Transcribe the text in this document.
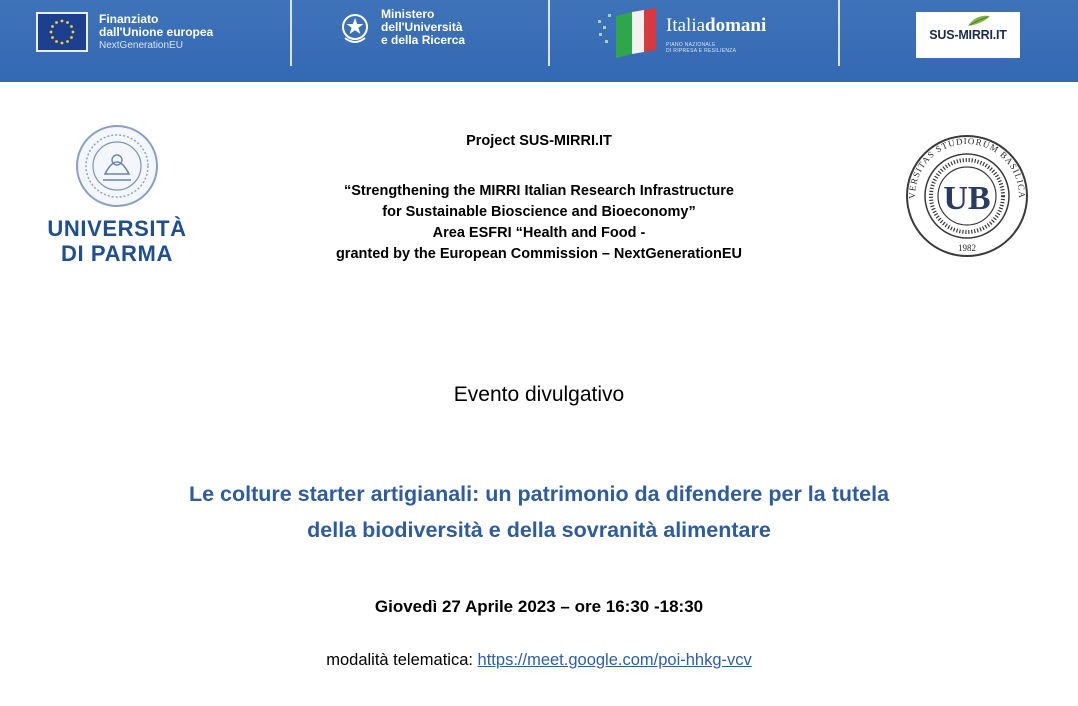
Finanziato
dall'Unione europea
NextGenerationEU
Ministero
dell'Università
e della Ricerca
Italiadomani
PIANO NAZIONALE
DI RIPRESA E RESILIENZA
SUS-MIRRI.IT
UNIVERSITÀ
DI PARMA
UB
VERSITAS STUDIORUM BASILICA
1982
Project SUS-MIRRI.IT
“Strengthening the MIRRI Italian Research Infrastructure
for Sustainable Bioscience and Bioeconomy”
Area ESFRI “Health and Food -
granted by the European Commission – NextGenerationEU
Evento divulgativo
Le colture starter artigianali: un patrimonio da difendere per la tutela
della biodiversità e della sovranità alimentare
Giovedì 27 Aprile 2023 – ore 16:30 -18:30
modalità telematica: https://meet.google.com/poi-hhkg-vcv
